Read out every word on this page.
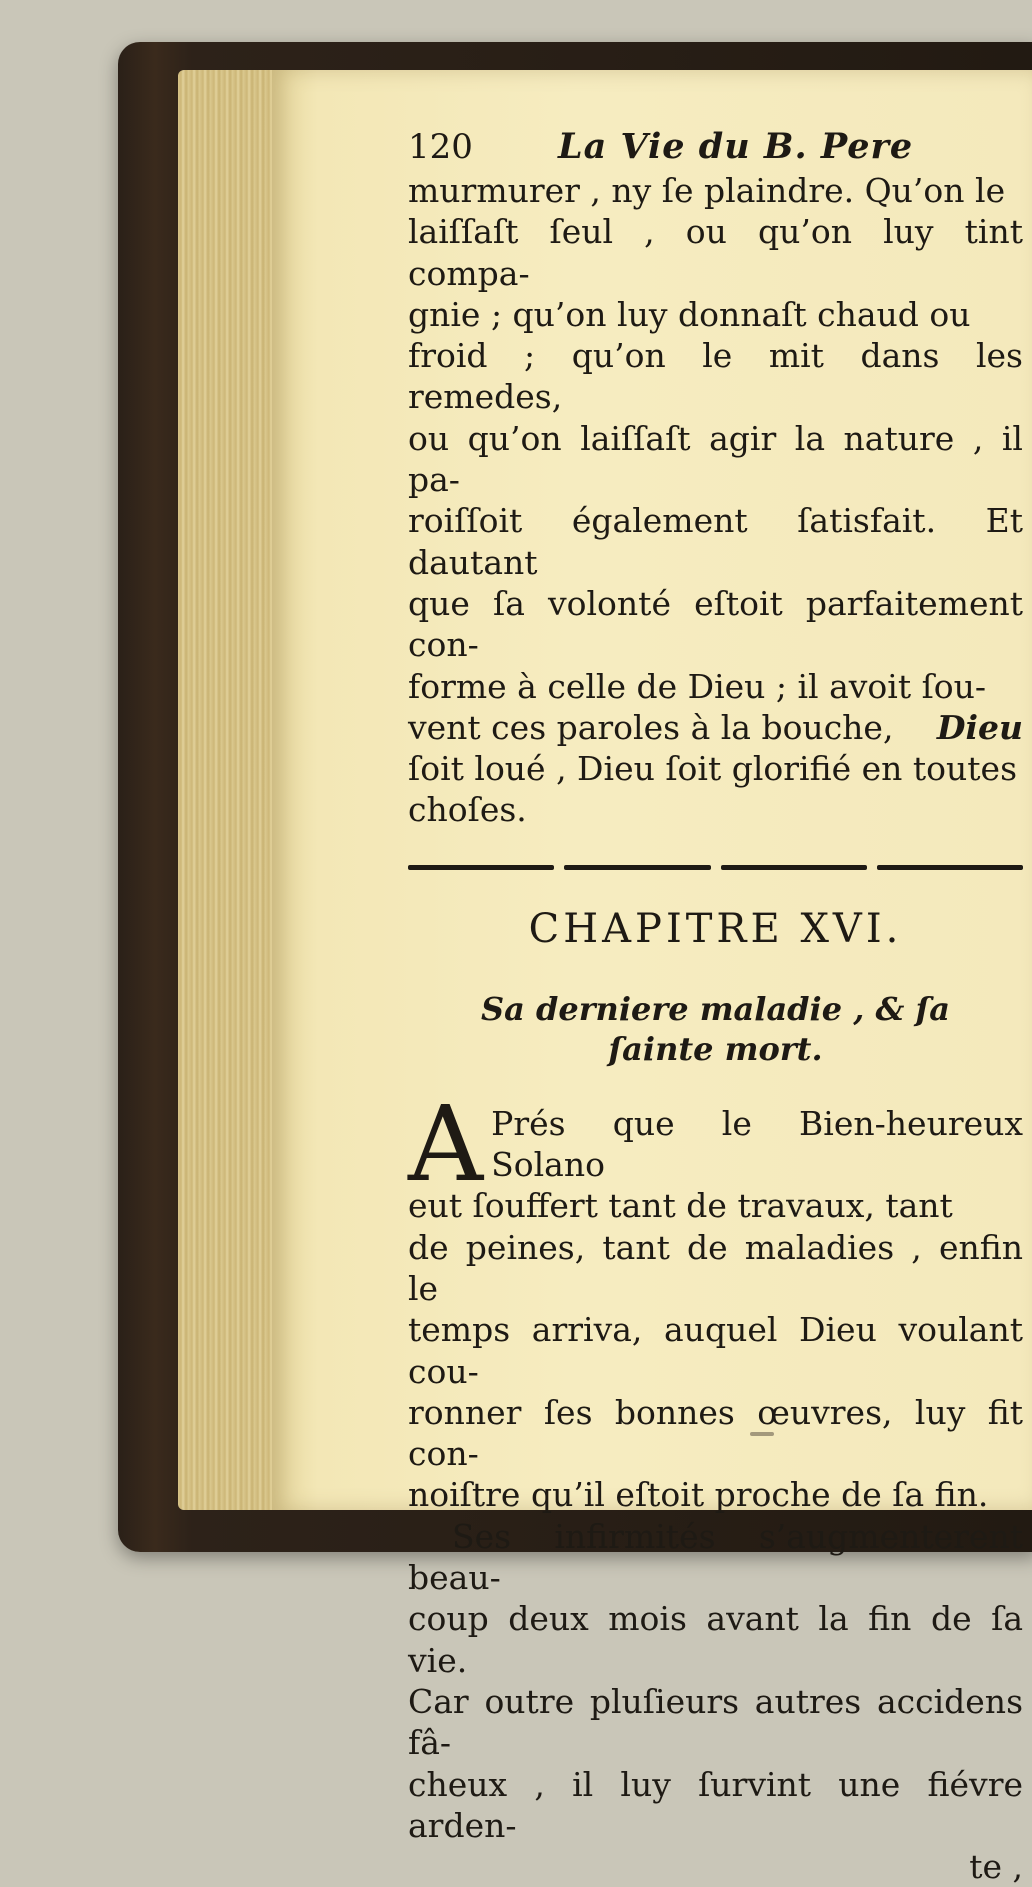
120	La Vie du B. Pere

murmurer , ny ſe plaindre. Qu’on le

laiſſaſt ſeul , ou qu’on luy tint compa-

gnie ; qu’on luy donnaſt chaud ou

froid ; qu’on le mit dans les remedes,

ou qu’on laiſſaſt agir la nature , il pa-

roiſſoit également ſatisfait. Et dautant

que ſa volonté eſtoit parfaitement con-

forme à celle de Dieu ; il avoit ſou-

vent ces paroles à la bouche, Dieu

ſoit loué , Dieu ſoit glorifié en toutes

choſes.

CHAPITRE XVI.
Sa derniere maladie , & ſa
ſainte mort.
A Prés que le Bien-heureux Solano

eut ſouffert tant de travaux, tant

de peines, tant de maladies , enfin le

temps arriva, auquel Dieu voulant cou-

ronner ſes bonnes œuvres, luy fit con-

noiſtre qu’il eſtoit proche de ſa fin.

Ses infirmités s’augmenterent beau-

coup deux mois avant la fin de ſa vie.

Car outre pluſieurs autres accidens fâ-

cheux , il luy ſurvint une fiévre arden-

te ,
